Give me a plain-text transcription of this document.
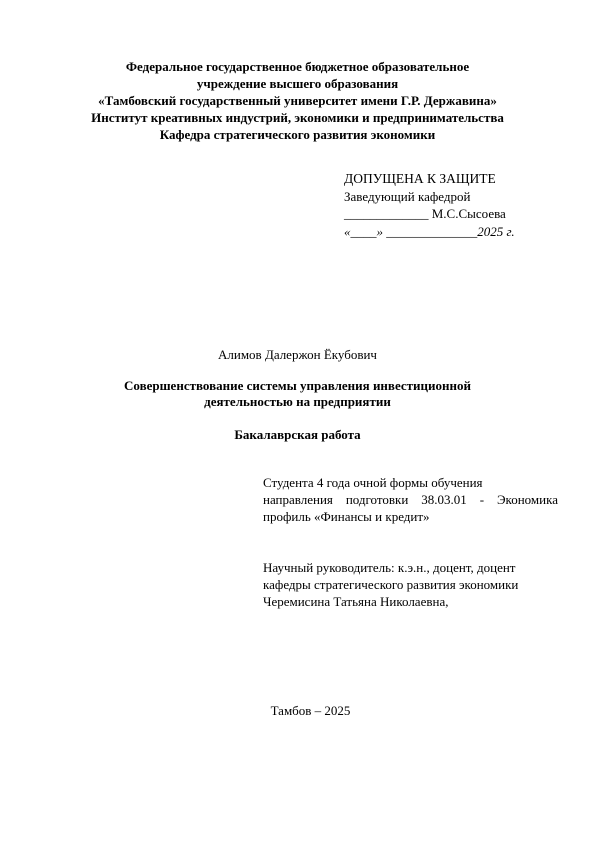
Федеральное государственное бюджетное образовательное
учреждение высшего образования
«Тамбовский государственный университет имени Г.Р. Державина»
Институт креативных индустрий, экономики и предпринимательства
Кафедра стратегического развития экономики
ДОПУЩЕНА К ЗАЩИТЕ
Заведующий кафедрой
_____________ М.С.Сысоева
«____» ______________2025 г.
Алимов Далержон Ёкубович
Совершенствование системы управления инвестиционной
деятельностью на предприятии
Бакалаврская работа
Студента 4 года очной формы обучения
направления подготовки 38.03.01 - Экономика
профиль «Финансы и кредит»
Научный руководитель: к.э.н., доцент, доцент
кафедры стратегического развития экономики
Черемисина Татьяна Николаевна,
Тамбов – 2025
